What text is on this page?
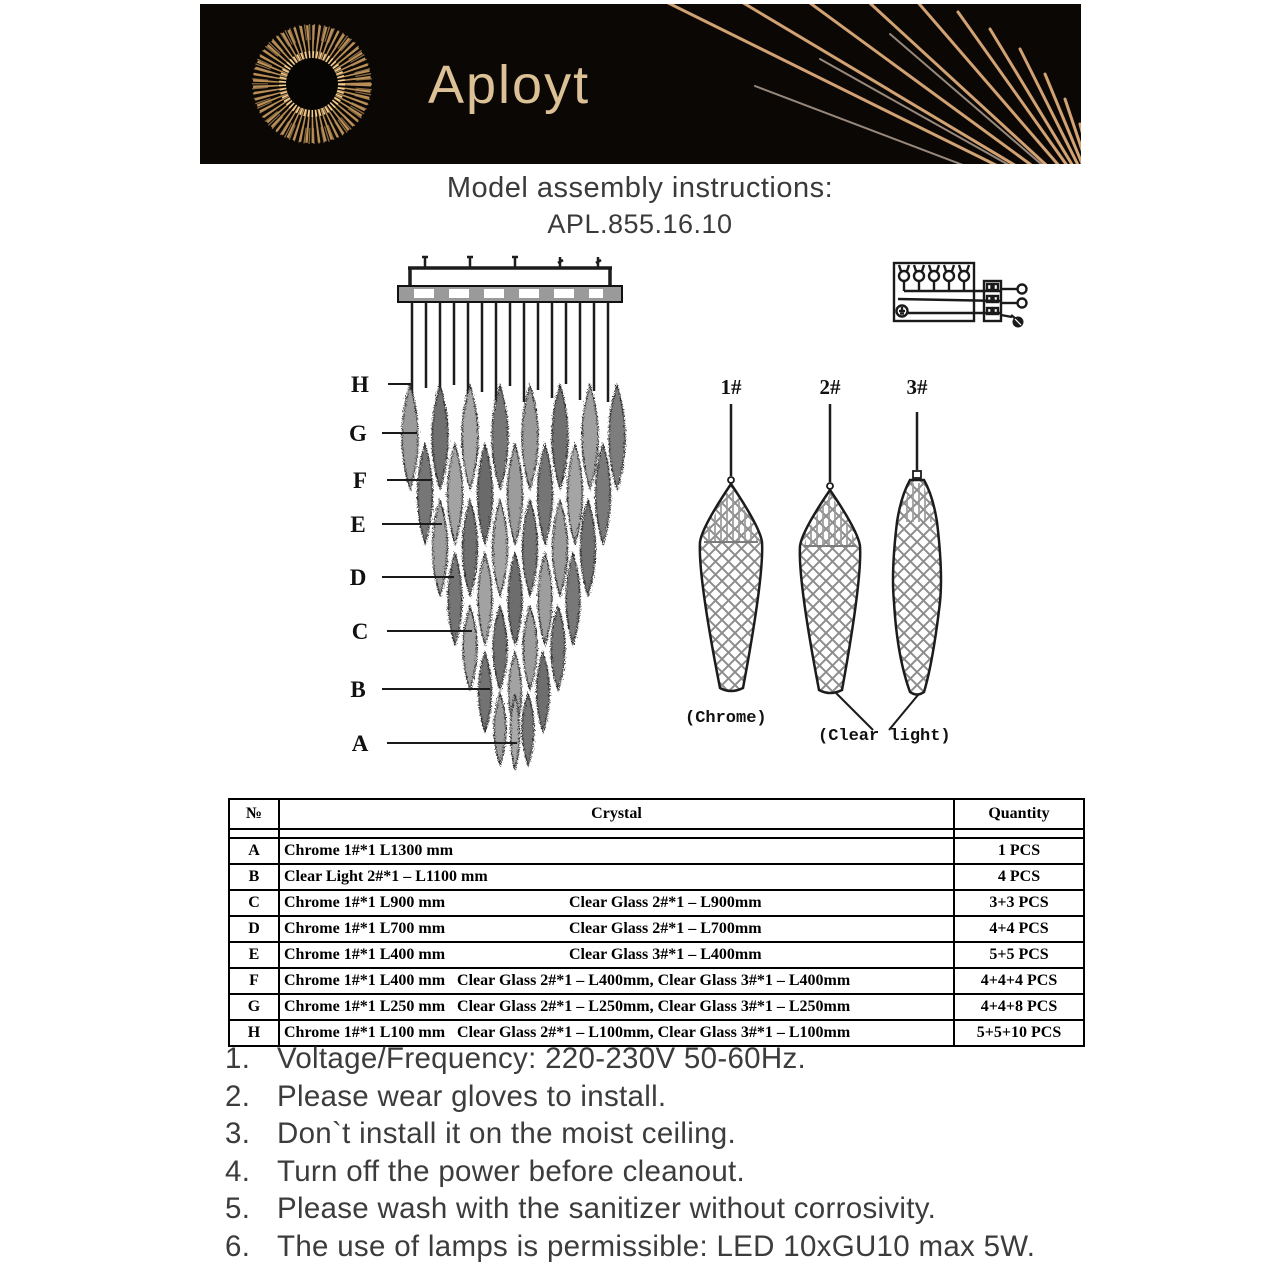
Aployt
Model assembly instructions:
APL.855.16.10
H
G
F
E
D
C
B
A
1#	2#	3#
(Chrome)
(Clear light)
№	Crystal	Quantity

A	Chrome 1#*1 L1300 mm	1 PCS
B	Clear Light 2#*1 – L1100 mm	4 PCS
C	Chrome 1#*1 L900 mm Clear Glass 2#*1 – L900mm	3+3 PCS
D	Chrome 1#*1 L700 mm Clear Glass 2#*1 – L700mm	4+4 PCS
E	Chrome 1#*1 L400 mm Clear Glass 3#*1 – L400mm	5+5 PCS
F	Chrome 1#*1 L400 mm Clear Glass 2#*1 – L400mm, Clear Glass 3#*1 – L400mm	4+4+4 PCS
G	Chrome 1#*1 L250 mm Clear Glass 2#*1 – L250mm, Clear Glass 3#*1 – L250mm	4+4+8 PCS
H	Chrome 1#*1 L100 mm Clear Glass 2#*1 – L100mm, Clear Glass 3#*1 – L100mm	5+5+10 PCS
1. Voltage/Frequency: 220-230V 50-60Hz.
2. Please wear gloves to install.
3. Don`t install it on the moist ceiling.
4. Turn off the power before cleanout.
5. Please wash with the sanitizer without corrosivity.
6. The use of lamps is permissible: LED 10xGU10 max 5W.
